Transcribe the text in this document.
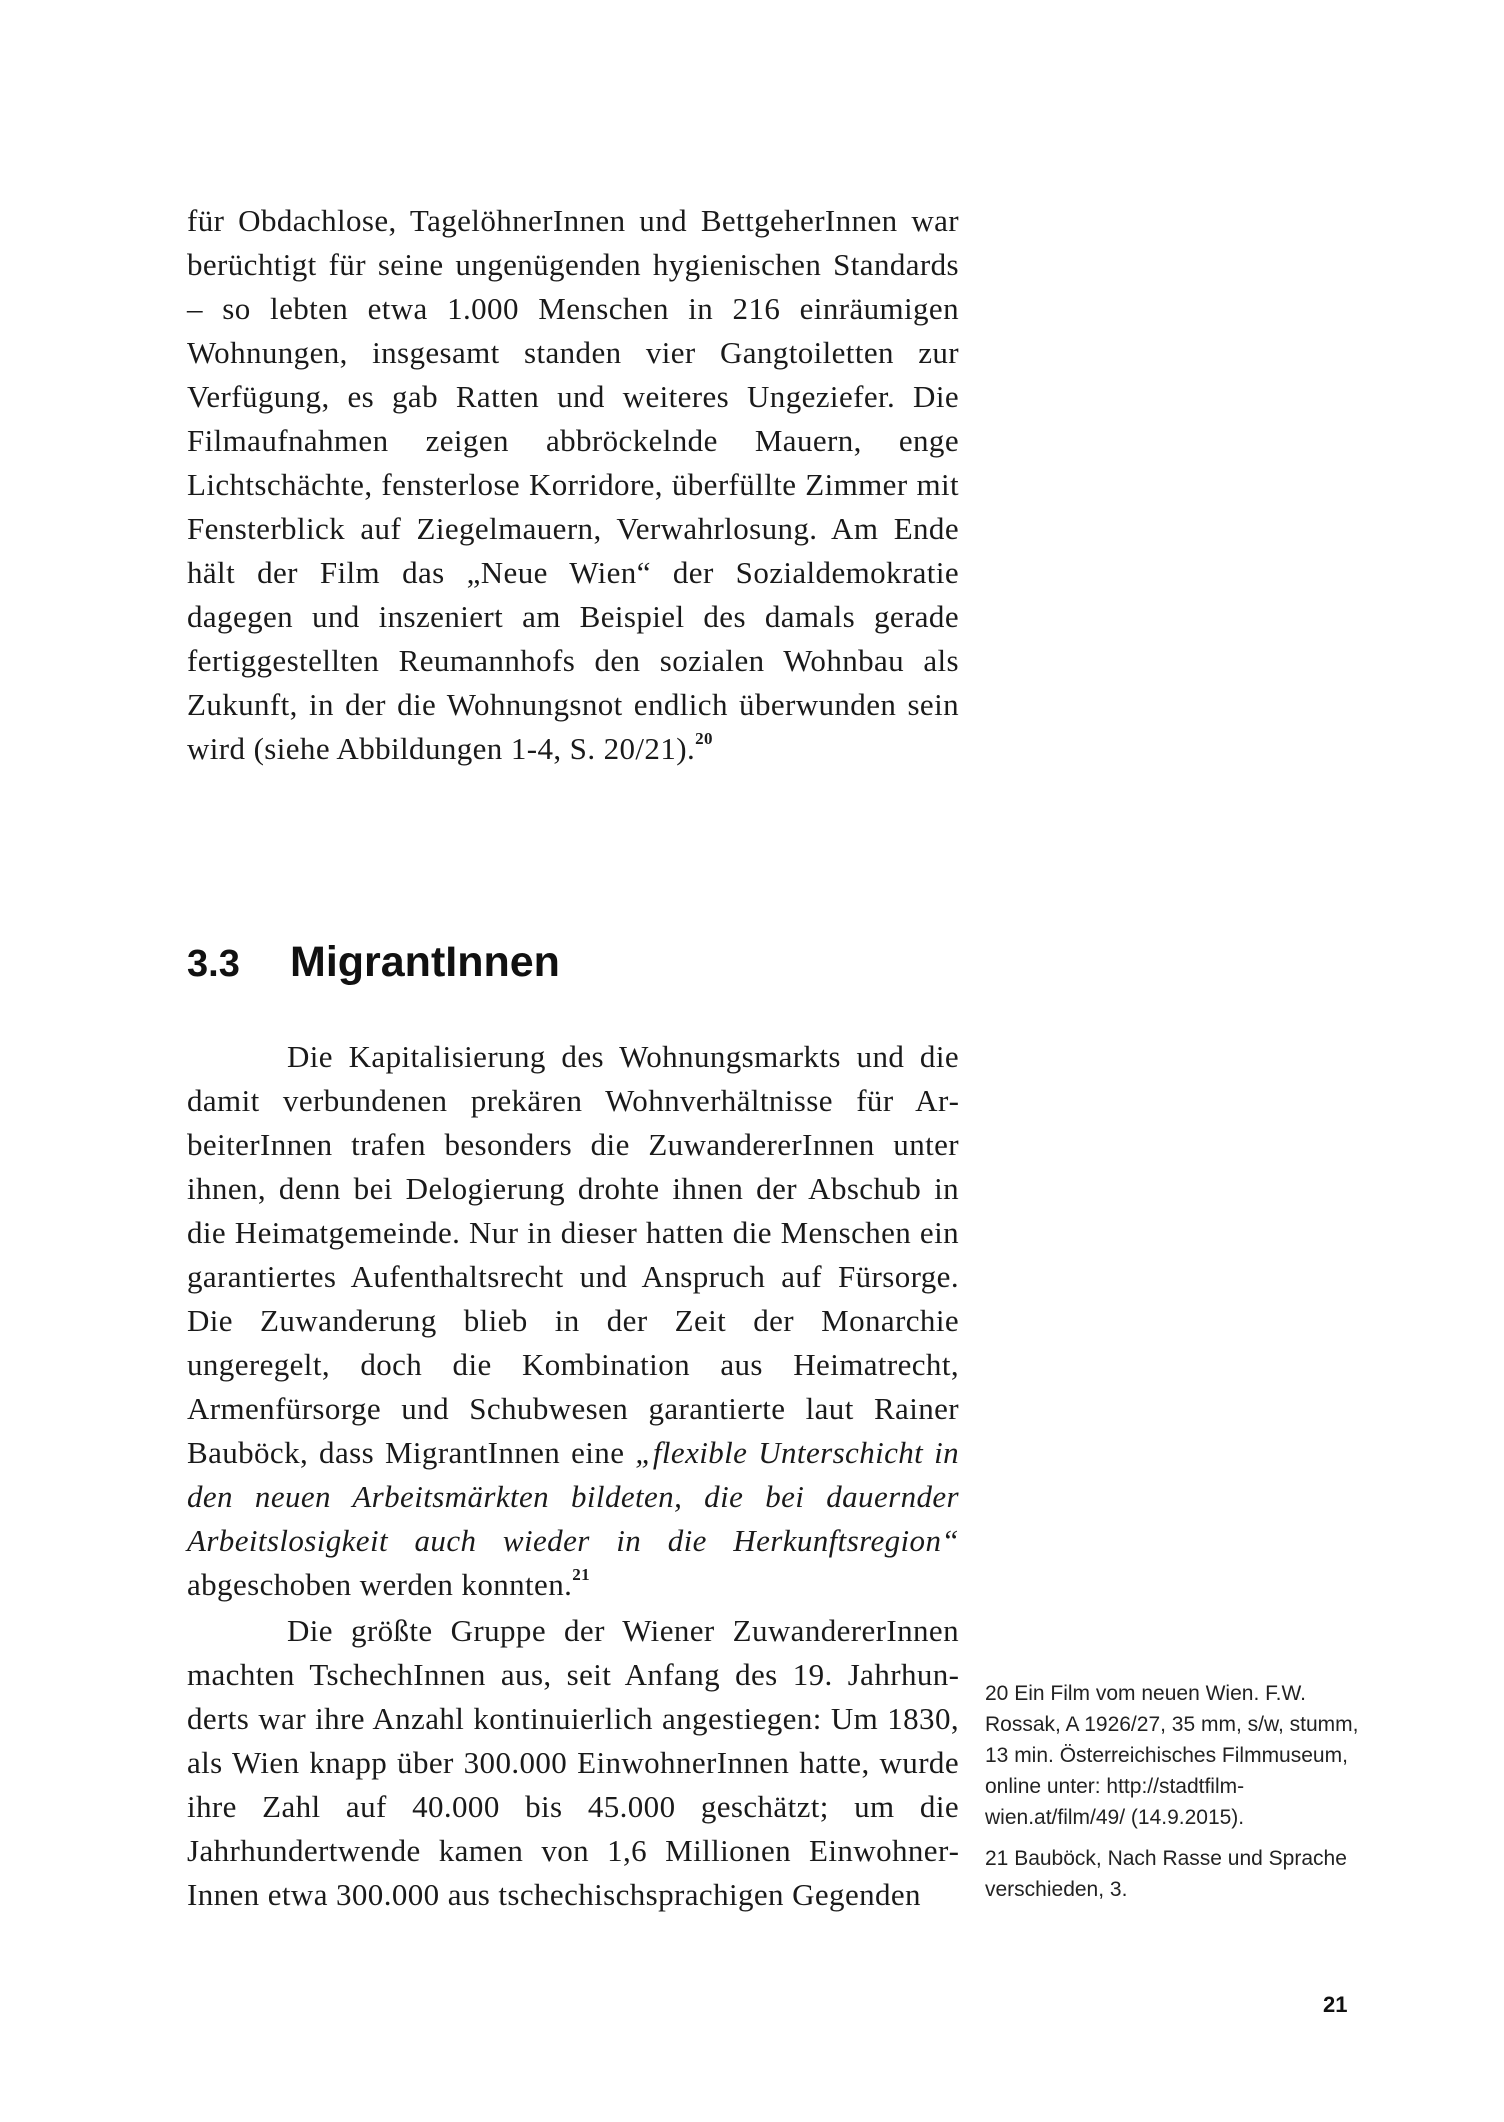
für Obdachlose, TagelöhnerInnen und BettgeherInnen war berüchtigt für seine ungenügenden hygienischen Standards – so lebten etwa 1.000 Menschen in 216 einräumigen Wohnungen, insgesamt standen vier Gangtoiletten zur Verfügung, es gab Ratten und weiteres Ungeziefer. Die Filmaufnahmen zeigen abbröckelnde Mauern, enge Lichtschächte, fensterlose Korridore, überfüllte Zimmer mit Fensterblick auf Ziegelmauern, Verwahrlosung. Am Ende hält der Film das „Neue Wien“ der Sozialdemokratie dagegen und inszeniert am Beispiel des damals gerade fertiggestellten Reumannhofs den sozialen Wohnbau als Zukunft, in der die Wohnungsnot endlich überwunden sein wird (siehe Abbildungen 1-4, S. 20/21).$^{20}$

3.3 MigrantInnen

Die Kapitalisierung des Wohnungsmarkts und die damit verbundenen prekären Wohnverhältnisse für ArbeiterInnen trafen besonders die ZuwandererInnen unter ihnen, denn bei Delogierung drohte ihnen der Abschub in die Heimatgemeinde. Nur in dieser hatten die Menschen ein garantiertes Aufenthaltsrecht und Anspruch auf Fürsorge. Die Zuwanderung blieb in der Zeit der Monarchie ungeregelt, doch die Kombination aus Heimatrecht, Armenfürsorge und Schubwesen garantierte laut Rainer Bauböck, dass MigrantInnen eine „flexible Unterschicht in den neuen Arbeitsmärkten bildeten, die bei dauernder Arbeitslosigkeit auch wieder in die Herkunftsregion“ abgeschoben werden konnten.$^{21}$

Die größte Gruppe der Wiener ZuwandererInnen machten TschechInnen aus, seit Anfang des 19. Jahrhunderts war ihre Anzahl kontinuierlich angestiegen: Um 1830, als Wien knapp über 300.000 EinwohnerInnen hatte, wurde ihre Zahl auf 40.000 bis 45.000 geschätzt; um die Jahrhundertwende kamen von 1,6 Millionen EinwohnerInnen etwa 300.000 aus tschechischsprachigen Gegenden

20 Ein Film vom neuen Wien. F.W. Rossak, A 1926/27, 35 mm, s/w, stumm, 13 min. Österreichisches Filmmuseum, online unter: http://stadtfilm-wien.at/film/49/ (14.9.2015).

21 Bauböck, Nach Rasse und Sprache verschieden, 3.

21
